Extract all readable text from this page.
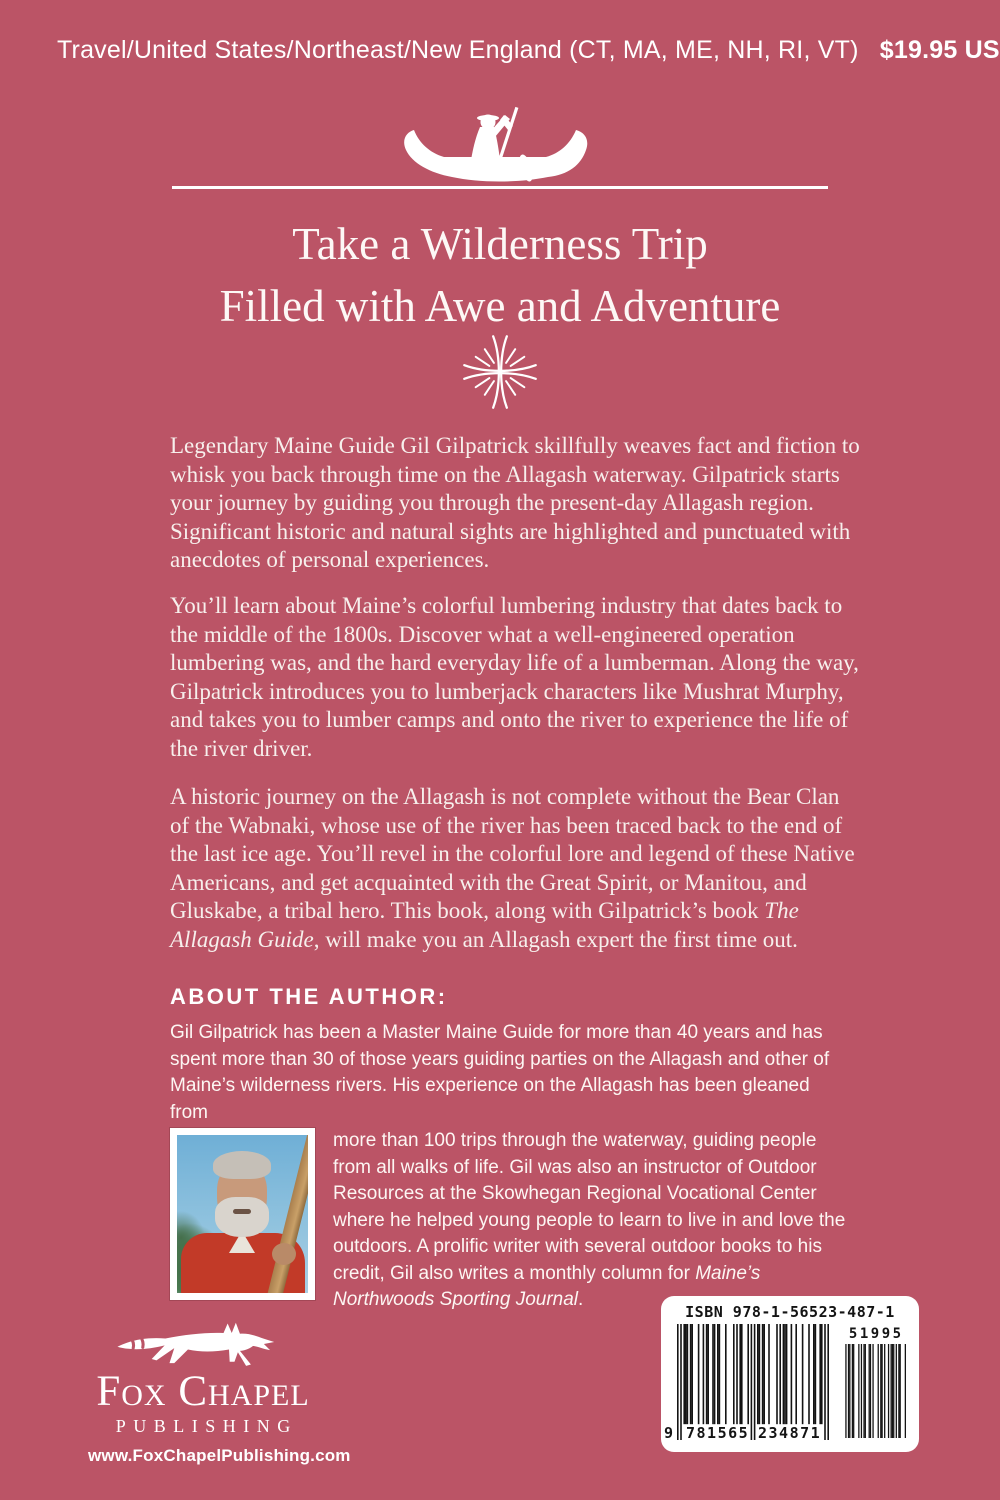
Travel/United States/Northeast/New England (CT, MA, ME, NH, RI, VT) $19.95 US
Take a Wilderness Trip
Filled with Awe and Adventure

Legendary Maine Guide Gil Gilpatrick skillfully weaves fact and fiction to whisk you back through time on the Allagash waterway. Gilpatrick starts your journey by guiding you through the present-day Allagash region. Significant historic and natural sights are highlighted and punctuated with anecdotes of personal experiences.

You’ll learn about Maine’s colorful lumbering industry that dates back to the middle of the 1800s. Discover what a well-engineered operation lumbering was, and the hard everyday life of a lumberman. Along the way, Gilpatrick introduces you to lumberjack characters like Mushrat Murphy, and takes you to lumber camps and onto the river to experience the life of the river driver.

A historic journey on the Allagash is not complete without the Bear Clan of the Wabnaki, whose use of the river has been traced back to the end of the last ice age. You’ll revel in the colorful lore and legend of these Native Americans, and get acquainted with the Great Spirit, or Manitou, and Gluskabe, a tribal hero. This book, along with Gilpatrick’s book The Allagash Guide, will make you an Allagash expert the first time out.

ABOUT THE AUTHOR:

Gil Gilpatrick has been a Master Maine Guide for more than 40 years and has spent more than 30 of those years guiding parties on the Allagash and other of Maine’s wilderness rivers. His experience on the Allagash has been gleaned from

more than 100 trips through the waterway, guiding people from all walks of life. Gil was also an instructor of Outdoor Resources at the Skowhegan Regional Vocational Center where he helped young people to learn to live in and love the outdoors. A prolific writer with several outdoor books to his credit, Gil also writes a monthly column for Maine’s Northwoods Sporting Journal.
Fox Chapel
PUBLISHING
www.FoxChapelPublishing.com
ISBN 978-1-56523-487-1
9 781565 234871
51995
